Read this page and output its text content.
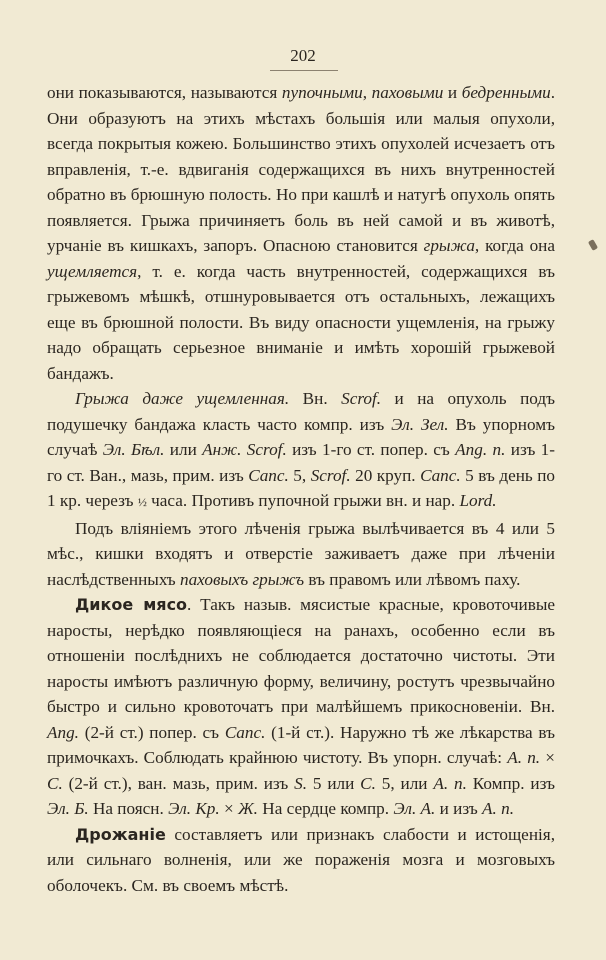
202

они показываются, называются пупочными, паховыми и бедренными. Они образуютъ на этихъ мѣстахъ большія или малыя опухоли, всегда покрытыя кожею. Большинство этихъ опухолей исчезаетъ отъ вправленія, т.-е. вдвиганія содержащихся въ нихъ внутренностей обратно въ брюшную полость. Но при кашлѣ и натугѣ опухоль опять появляется. Грыжа причиняетъ боль въ ней самой и въ животѣ, урчаніе въ кишкахъ, запоръ. Опасною становится грыжа, когда она ущемляется, т. е. когда часть внутренностей, содержащихся въ грыжевомъ мѣшкѣ, отшнуровывается отъ остальныхъ, лежащихъ еще въ брюшной полости. Въ виду опасности ущемленія, на грыжу надо обращать серьезное вниманіе и имѣть хорошій грыжевой бандажъ.

Грыжа даже ущемленная. Вн. Scrof. и на опухоль подъ подушечку бандажа класть часто компр. изъ Эл. Зел. Въ упорномъ случаѣ Эл. Бѣл. или Анж. Scrof. изъ 1-го ст. попер. съ Ang. n. изъ 1-го ст. Ван., мазь, прим. изъ Canc. 5, Scrof. 20 круп. Canc. 5 въ день по 1 кр. черезъ ½ часа. Противъ пупочной грыжи вн. и нар. Lord.

Подъ вліяніемъ этого лѣченія грыжа вылѣчивается въ 4 или 5 мѣс., кишки входятъ и отверстіе заживаетъ даже при лѣченіи наслѣдственныхъ паховыхъ грыжъ въ правомъ или лѣвомъ паху.

Дикое мясо. Такъ назыв. мясистые красные, кровоточивые наросты, нерѣдко появляющіеся на ранахъ, особенно если въ отношеніи послѣднихъ не соблюдается достаточно чистоты. Эти наросты имѣютъ различную форму, величину, ростутъ чрезвычайно быстро и сильно кровоточатъ при малѣйшемъ прикосновеніи. Вн. Ang. (2-й ст.) попер. съ Canc. (1-й ст.). Наружно тѣ же лѣкарства въ примочкахъ. Соблюдать крайнюю чистоту. Въ упорн. случаѣ: A. n. × C. (2-й ст.), ван. мазь, прим. изъ S. 5 или C. 5, или A. n. Компр. изъ Эл. Б. На поясн. Эл. Кр. × Ж. На сердце компр. Эл. А. и изъ A. n.

Дрожаніе составляетъ или признакъ слабости и истощенія, или сильнаго волненія, или же пораженія мозга и мозговыхъ оболочекъ. См. въ своемъ мѣстѣ.
